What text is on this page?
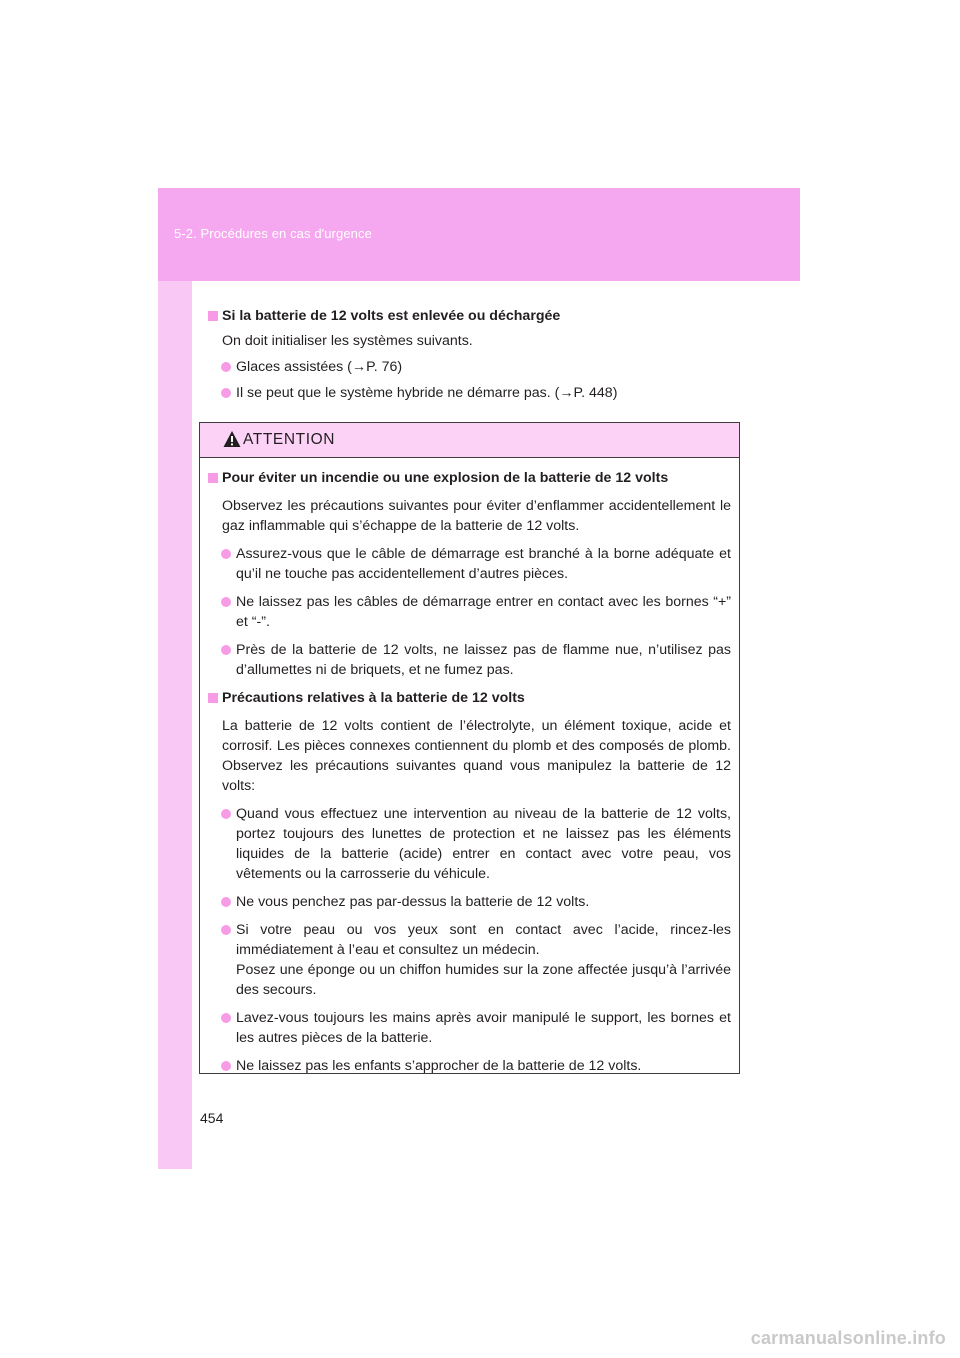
5-2. Procédures en cas d'urgence
Si la batterie de 12 volts est enlevée ou déchargée
On doit initialiser les systèmes suivants.
Glaces assistées (→P. 76)
Il se peut que le système hybride ne démarre pas. (→P. 448)
ATTENTION
Pour éviter un incendie ou une explosion de la batterie de 12 volts
Observez les précautions suivantes pour éviter d’enflammer accidentellement le gaz inflammable qui s’échappe de la batterie de 12 volts.
Assurez-vous que le câble de démarrage est branché à la borne adéquate et qu’il ne touche pas accidentellement d’autres pièces.
Ne laissez pas les câbles de démarrage entrer en contact avec les bornes “+” et “-”.
Près de la batterie de 12 volts, ne laissez pas de flamme nue, n’utilisez pas d’allumettes ni de briquets, et ne fumez pas.
Précautions relatives à la batterie de 12 volts
La batterie de 12 volts contient de l’électrolyte, un élément toxique, acide et corrosif. Les pièces connexes contiennent du plomb et des composés de plomb. Observez les précautions suivantes quand vous manipulez la batterie de 12 volts:
Quand vous effectuez une intervention au niveau de la batterie de 12 volts, portez toujours des lunettes de protection et ne laissez pas les éléments liquides de la batterie (acide) entrer en contact avec votre peau, vos vêtements ou la carrosserie du véhicule.
Ne vous penchez pas par-dessus la batterie de 12 volts.
Si votre peau ou vos yeux sont en contact avec l’acide, rincez-les immédiatement à l’eau et consultez un médecin.
Posez une éponge ou un chiffon humides sur la zone affectée jusqu’à l’arrivée des secours.
Lavez-vous toujours les mains après avoir manipulé le support, les bornes et les autres pièces de la batterie.
Ne laissez pas les enfants s’approcher de la batterie de 12 volts.
454
carmanualsonline.info
